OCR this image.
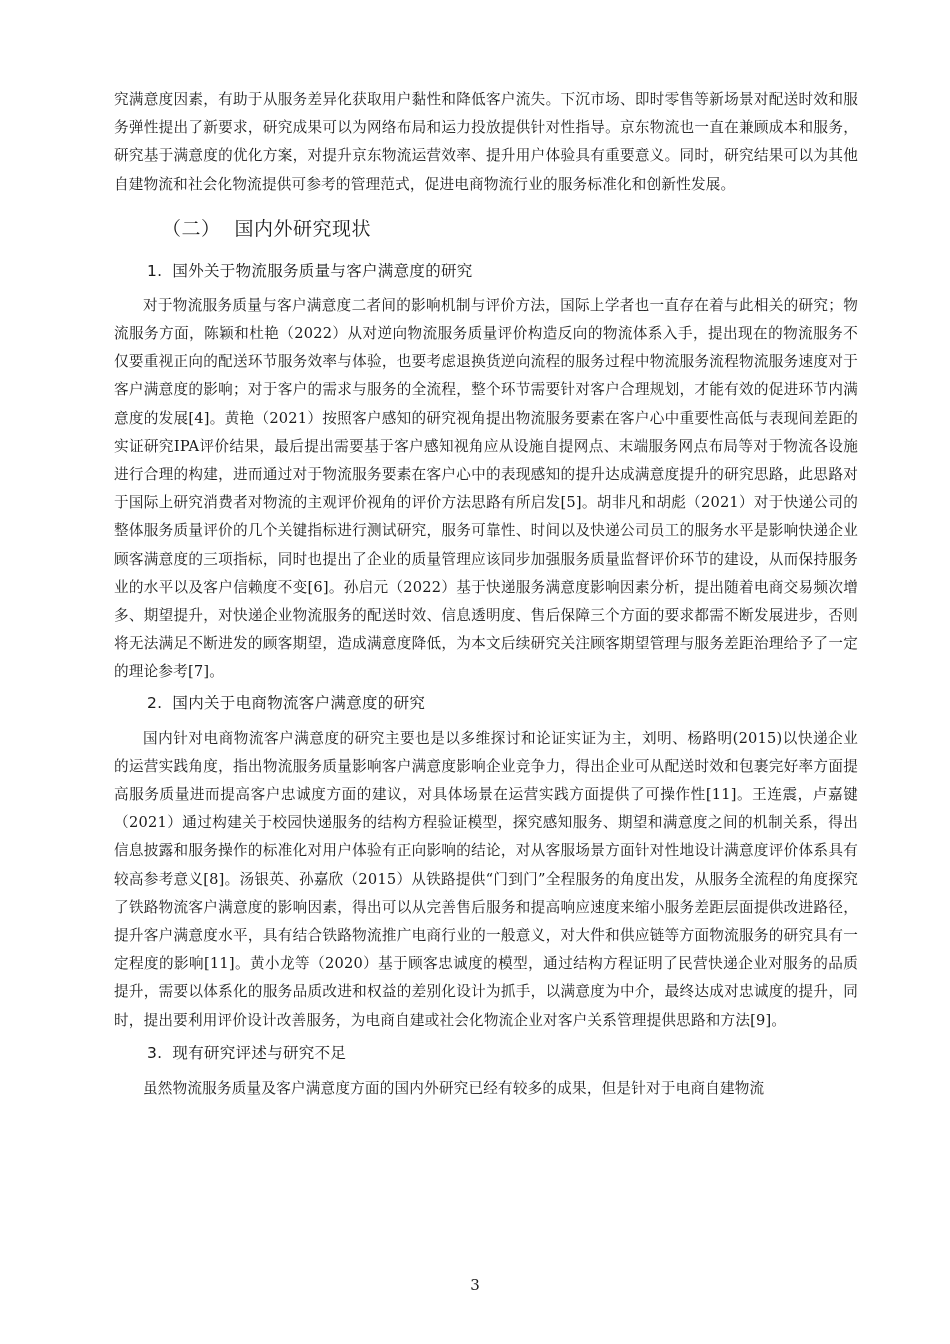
究满意度因素，有助于从服务差异化获取用户黏性和降低客户流失。下沉市场、即时零售等新场景对配送时效和服务弹性提出了新要求，研究成果可以为网络布局和运力投放提供针对性指导。京东物流也一直在兼顾成本和服务，研究基于满意度的优化方案，对提升京东物流运营效率、提升用户体验具有重要意义。同时，研究结果可以为其他自建物流和社会化物流提供可参考的管理范式，促进电商物流行业的服务标准化和创新性发展。

（二） 国内外研究现状
1. 国外关于物流服务质量与客户满意度的研究

对于物流服务质量与客户满意度二者间的影响机制与评价方法，国际上学者也一直存在着与此相关的研究；物流服务方面，陈颖和杜艳（2022）从对逆向物流服务质量评价构造反向的物流体系入手，提出现在的物流服务不仅要重视正向的配送环节服务效率与体验，也要考虑退换货逆向流程的服务过程中物流服务流程物流服务速度对于客户满意度的影响；对于客户的需求与服务的全流程，整个环节需要针对客户合理规划，才能有效的促进环节内满意度的发展[4]。黄艳（2021）按照客户感知的研究视角提出物流服务要素在客户心中重要性高低与表现间差距的实证研究IPA评价结果，最后提出需要基于客户感知视角应从设施自提网点、末端服务网点布局等对于物流各设施进行合理的构建，进而通过对于物流服务要素在客户心中的表现感知的提升达成满意度提升的研究思路，此思路对于国际上研究消费者对物流的主观评价视角的评价方法思路有所启发[5]。胡非凡和胡彪（2021）对于快递公司的整体服务质量评价的几个关键指标进行测试研究，服务可靠性、时间以及快递公司员工的服务水平是影响快递企业顾客满意度的三项指标，同时也提出了企业的质量管理应该同步加强服务质量监督评价环节的建设，从而保持服务业的水平以及客户信赖度不变[6]。孙启元（2022）基于快递服务满意度影响因素分析，提出随着电商交易频次增多、期望提升，对快递企业物流服务的配送时效、信息透明度、售后保障三个方面的要求都需不断发展进步，否则将无法满足不断进发的顾客期望，造成满意度降低，为本文后续研究关注顾客期望管理与服务差距治理给予了一定的理论参考[7]。

2. 国内关于电商物流客户满意度的研究

国内针对电商物流客户满意度的研究主要也是以多维探讨和论证实证为主，刘明、杨路明(2015)以快递企业的运营实践角度，指出物流服务质量影响客户满意度影响企业竞争力，得出企业可从配送时效和包裹完好率方面提高服务质量进而提高客户忠诚度方面的建议，对具体场景在运营实践方面提供了可操作性[11]。王连震，卢嘉键（2021）通过构建关于校园快递服务的结构方程验证模型，探究感知服务、期望和满意度之间的机制关系，得出信息披露和服务操作的标准化对用户体验有正向影响的结论，对从客服场景方面针对性地设计满意度评价体系具有较高参考意义[8]。汤银英、孙嘉欣（2015）从铁路提供“门到门”全程服务的角度出发，从服务全流程的角度探究了铁路物流客户满意度的影响因素，得出可以从完善售后服务和提高响应速度来缩小服务差距层面提供改进路径，提升客户满意度水平，具有结合铁路物流推广电商行业的一般意义，对大件和供应链等方面物流服务的研究具有一定程度的影响[11]。黄小龙等（2020）基于顾客忠诚度的模型，通过结构方程证明了民营快递企业对服务的品质提升，需要以体系化的服务品质改进和权益的差别化设计为抓手，以满意度为中介，最终达成对忠诚度的提升，同时，提出要利用评价设计改善服务，为电商自建或社会化物流企业对客户关系管理提供思路和方法[9]。

3. 现有研究评述与研究不足

虽然物流服务质量及客户满意度方面的国内外研究已经有较多的成果，但是针对于电商自建物流

3
